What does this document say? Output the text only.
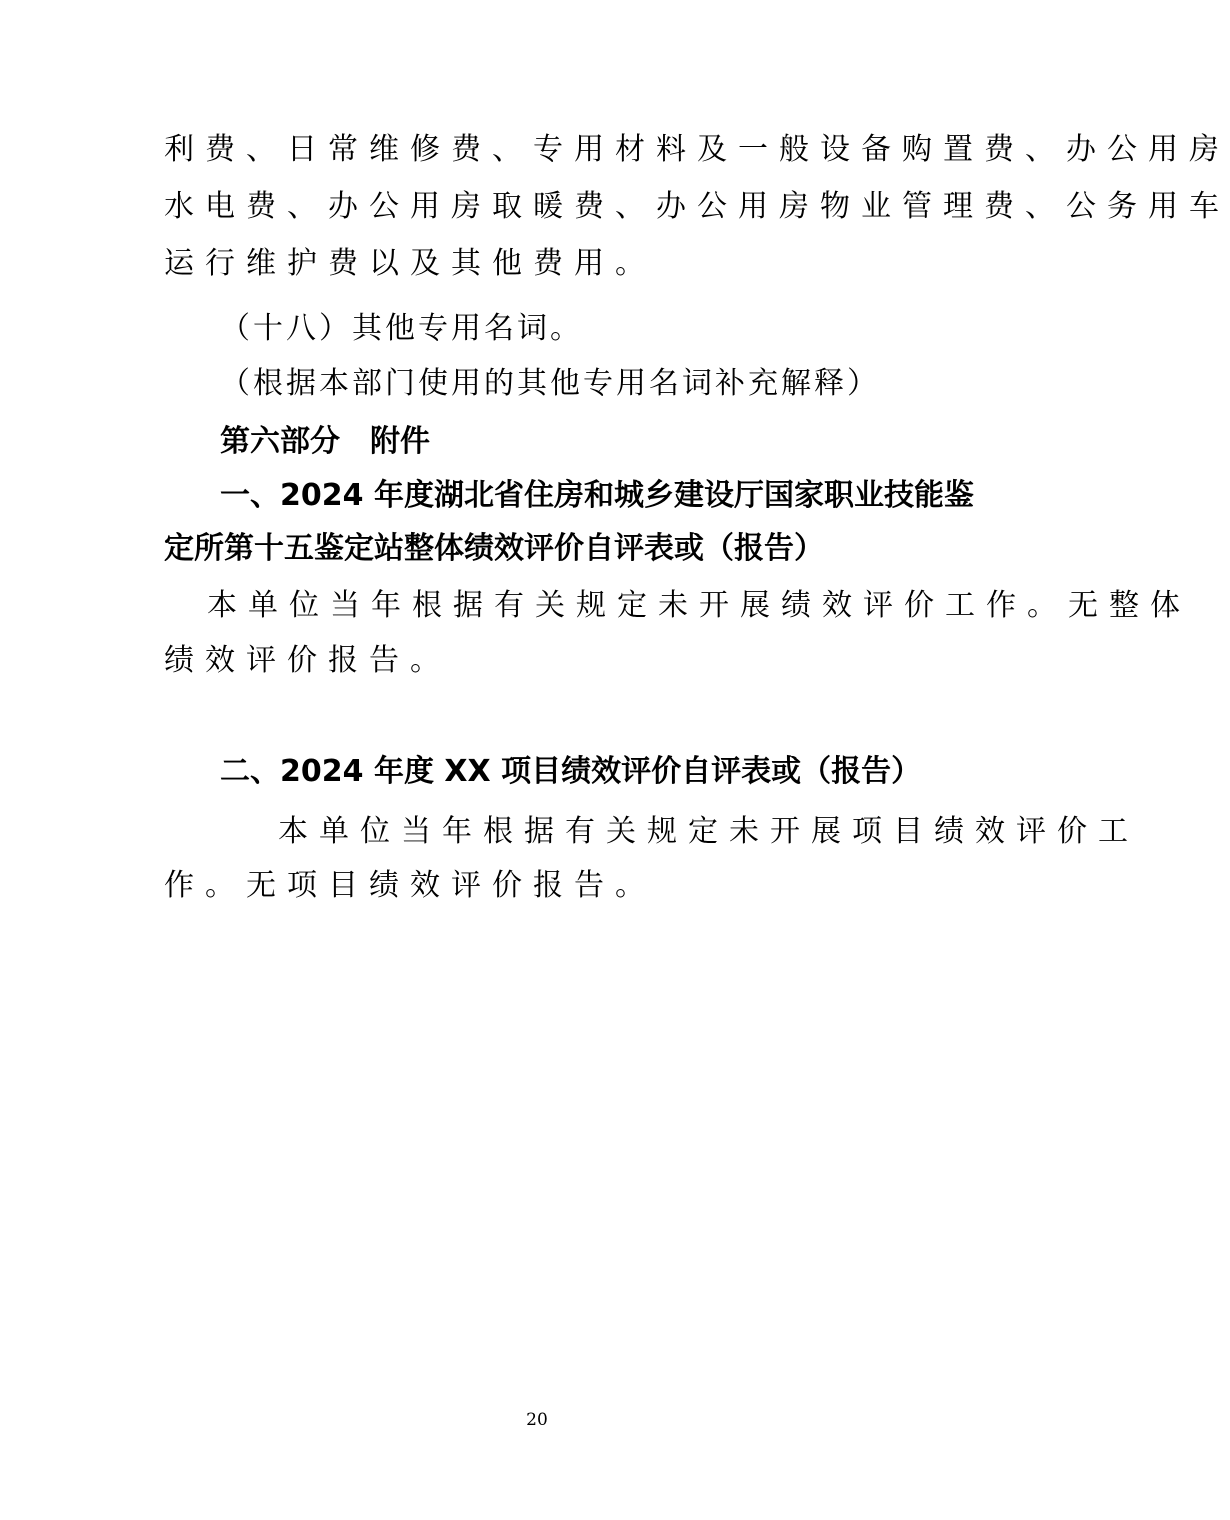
利费、日常维修费、专用材料及一般设备购置费、办公用房
水电费、办公用房取暖费、办公用房物业管理费、公务用车
运行维护费以及其他费用。
（十八）其他专用名词。
（根据本部门使用的其他专用名词补充解释）
第六部分　附件
一、2024 年度湖北省住房和城乡建设厅国家职业技能鉴
定所第十五鉴定站整体绩效评价自评表或（报告）
本单位当年根据有关规定未开展绩效评价工作。无整体
绩效评价报告。
二、2024 年度 XX 项目绩效评价自评表或（报告）
本单位当年根据有关规定未开展项目绩效评价工
作。无项目绩效评价报告。
20
